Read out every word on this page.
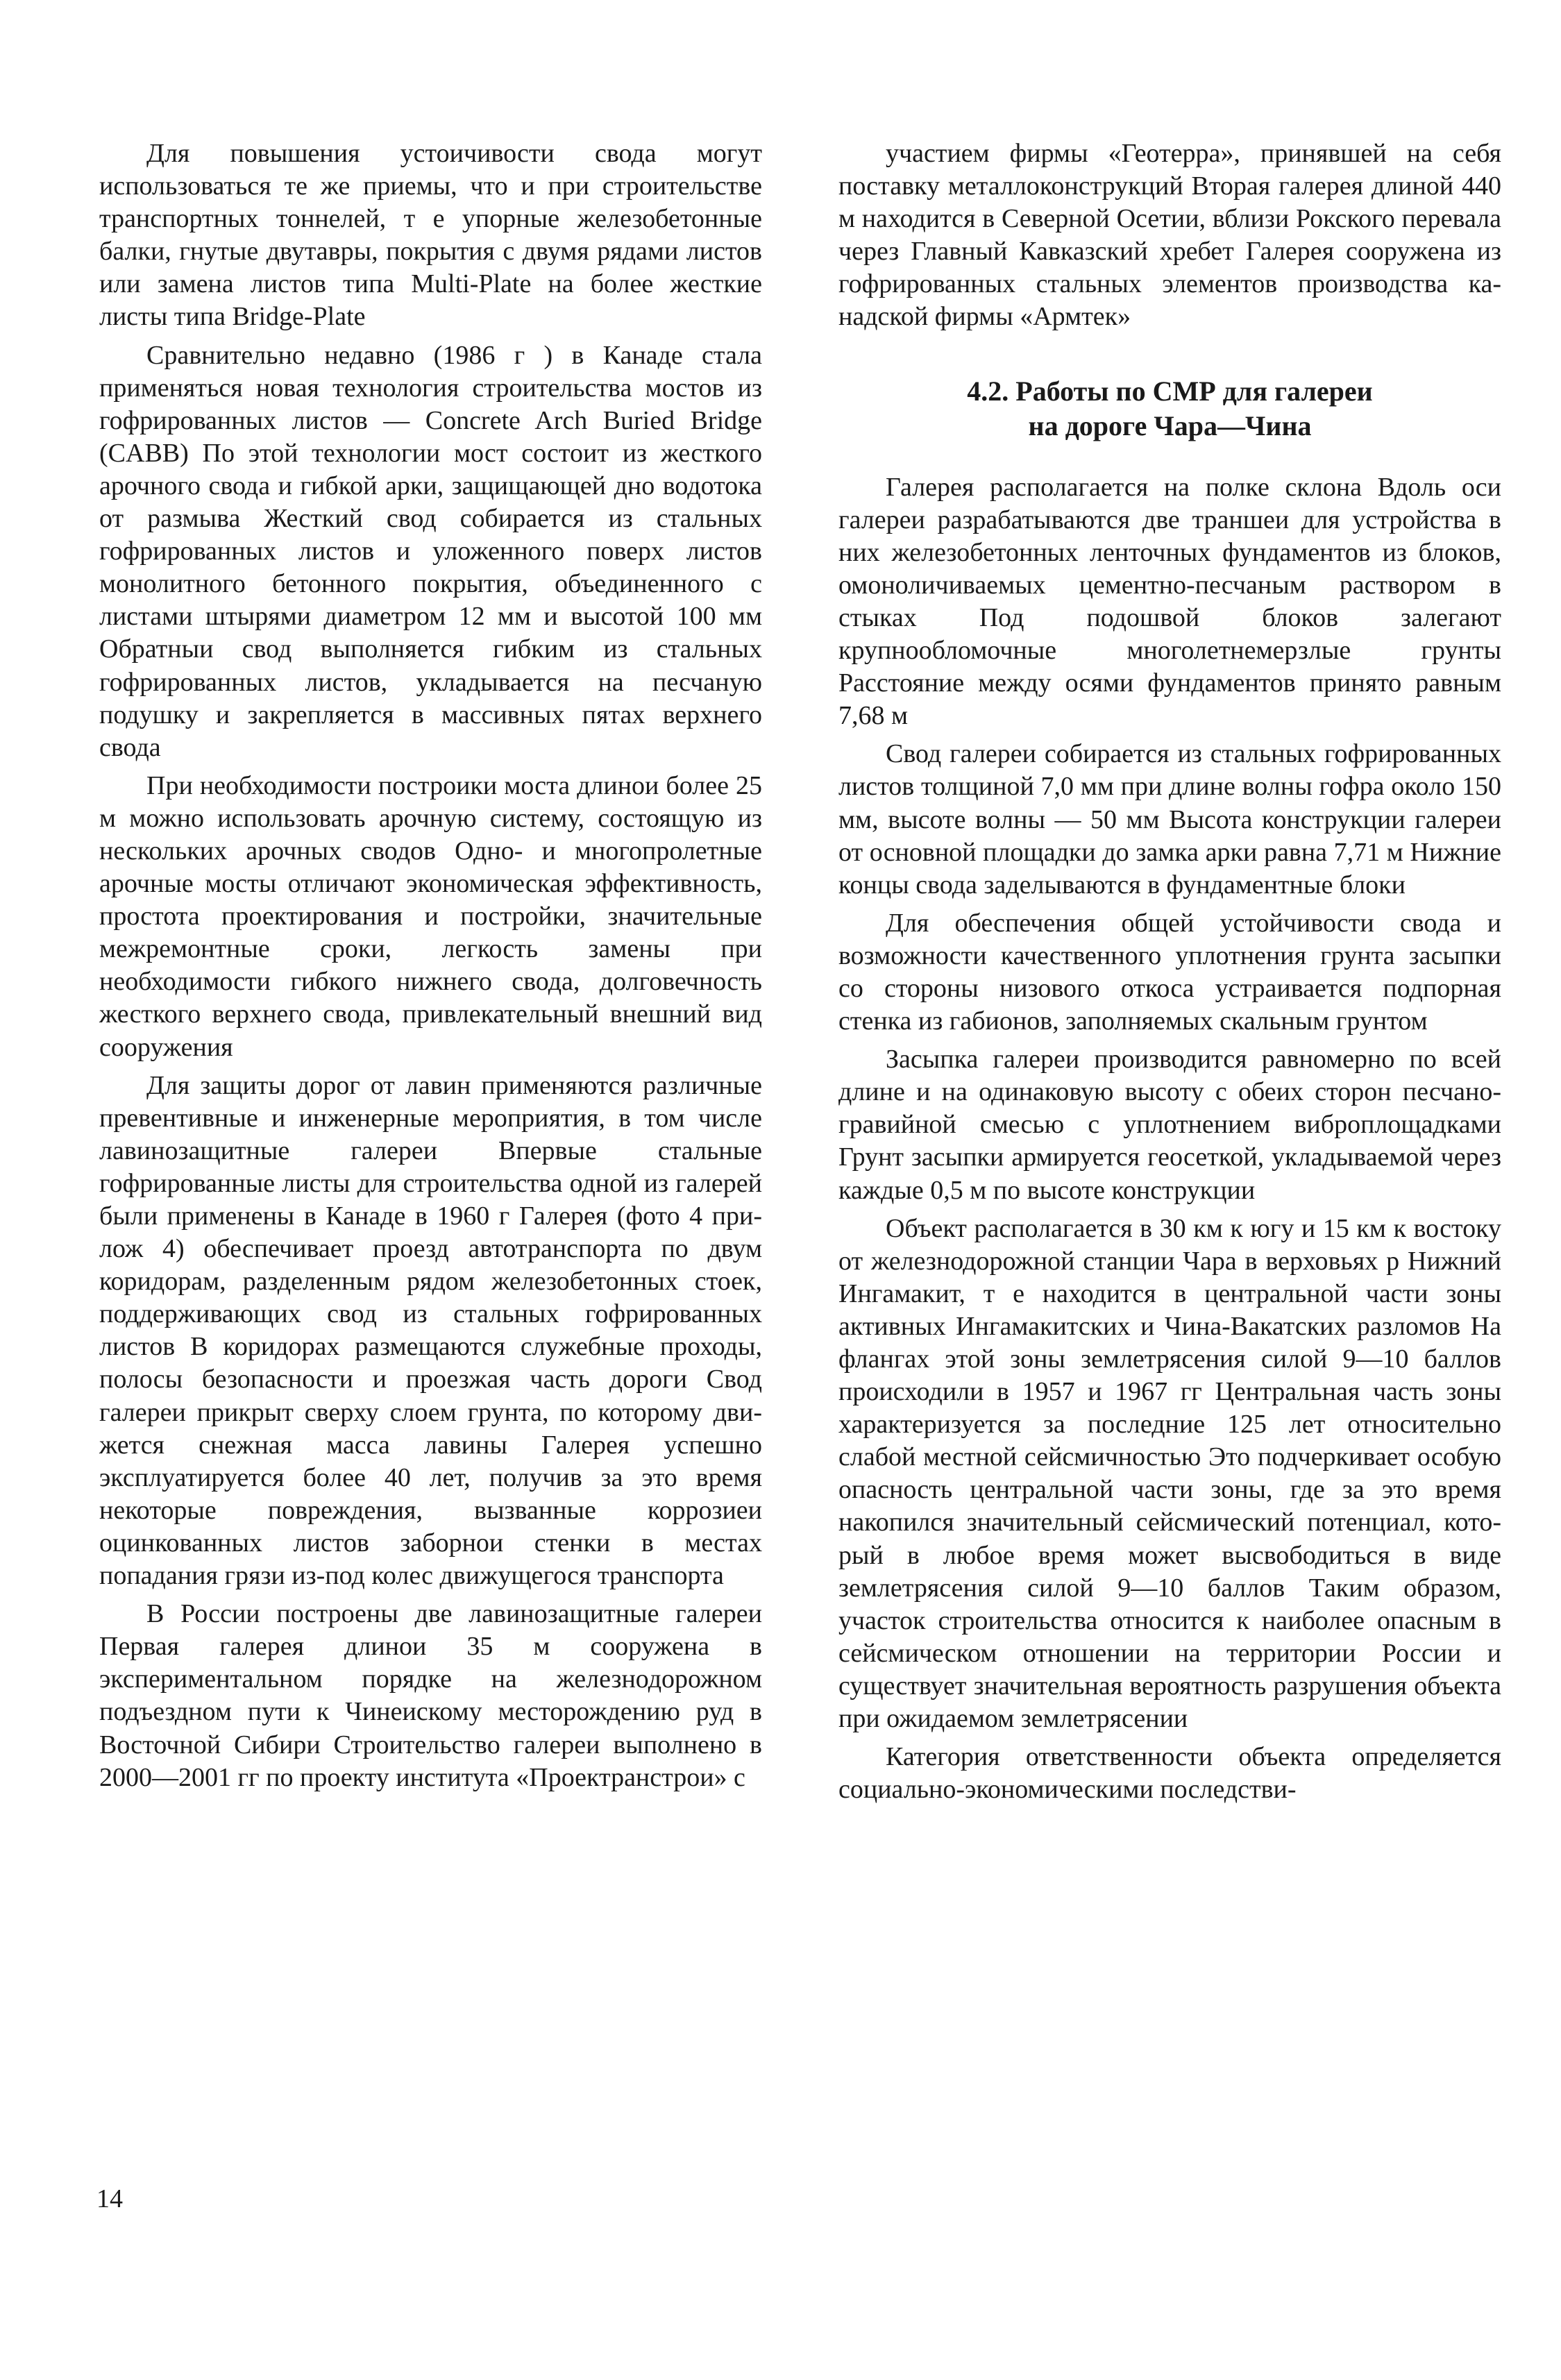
Для повышения устоичивости свода могут использоваться те же приемы, что и при строительстве транспортных тоннелей, т е упорные железобетонные балки, гнутые двутавры, покрытия с двумя рядами листов или замена листов типа Multi-Plate на более жесткие листы типа Bridge-Plate

Сравнительно недавно (1986 г ) в Канаде стала применяться новая технология строительства мостов из гофрированных листов — Concrete Arch Buried Bridge (CABB) По этой технологии мост состоит из жесткого арочного свода и гибкой арки, защищающей дно водотока от размыва Жесткий свод собирается из стальных гофрированных листов и уложенного поверх листов монолитного бетонного покрытия, объединенного с листами штырями диаметром 12 мм и высотой 100 мм Обратныи свод выполняется гибким из стальных гофрированных листов, укладывается на песчаную подушку и закрепляется в массивных пятах верхнего свода

При необходимости построики моста длинои более 25 м можно использовать арочную систему, состоящую из нескольких арочных сводов Одно- и многопролетные арочные мосты отличают экономическая эффективность, простота проектирования и постройки, значительные межремонтные сроки, легкость замены при необходимости гибкого нижнего свода, долговечность жесткого верхнего свода, привлекательный внешний вид сооружения

Для защиты дорог от лавин применяются различные превентивные и инженерные мероприятия, в том числе лавинозащитные галереи Впервые стальные гофрированные листы для строительства одной из галерей были применены в Канаде в 1960 г Галерея (фото 4 прилож 4) обеспечивает проезд автотранспорта по двум коридорам, разделенным рядом железобетонных стоек, поддерживающих свод из стальных гофрированных листов В коридорах размещаются служебные проходы, полосы безопасности и проезжая часть дороги Свод галереи прикрыт сверху слоем грунта, по которому движется снежная масса лавины Галерея успешно эксплуатируется более 40 лет, получив за это время некоторые повреждения, вызванные коррозиеи оцинкованных листов заборнои стенки в местах попадания грязи из-под колес движущегося транспорта

В России построены две лавинозащитные галереи Первая галерея длинои 35 м сооружена в экспериментальном порядке на железнодорожном подъездном пути к Чинеискому месторождению руд в Восточной Сибири Строительство галереи выполнено в 2000—2001 гг по проекту института «Проектранстрои» с

участием фирмы «Геотерра», принявшей на себя поставку металлоконструкций Вторая галерея длиной 440 м находится в Северной Осетии, вблизи Рокского перевала через Главный Кавказский хребет Галерея сооружена из гофрированных стальных элементов производства канадской фирмы «Армтек»

4.2. Работы по СМР для галереи
на дороге Чара—Чина

Галерея располагается на полке склона Вдоль оси галереи разрабатываются две траншеи для устройства в них железобетонных ленточных фундаментов из блоков, омоноличиваемых цементно-песчаным раствором в стыках Под подошвой блоков залегают крупнообломочные многолетнемерзлые грунты Расстояние между осями фундаментов принято равным 7,68 м

Свод галереи собирается из стальных гофрированных листов толщиной 7,0 мм при длине волны гофра около 150 мм, высоте волны — 50 мм Высота конструкции галереи от основной площадки до замка арки равна 7,71 м Нижние концы свода заделываются в фундаментные блоки

Для обеспечения общей устойчивости свода и возможности качественного уплотнения грунта засыпки со стороны низового откоса устраивается подпорная стенка из габионов, заполняемых скальным грунтом

Засыпка галереи производится равномерно по всей длине и на одинаковую высоту с обеих сторон песчано-гравийной смесью с уплотнением виброплощадками Грунт засыпки армируется геосеткой, укладываемой через каждые 0,5 м по высоте конструкции

Объект располагается в 30 км к югу и 15 км к востоку от железнодорожной станции Чара в верховьях р Нижний Ингамакит, т е находится в центральной части зоны активных Ингамакитских и Чина-Вакатских разломов На флангах этой зоны землетрясения силой 9—10 баллов происходили в 1957 и 1967 гг Центральная часть зоны характеризуется за последние 125 лет относительно слабой местной сейсмичностью Это подчеркивает особую опасность центральной части зоны, где за это время накопился значительный сейсмический потенциал, который в любое время может высвободиться в виде землетрясения силой 9—10 баллов Таким образом, участок строительства относится к наиболее опасным в сейсмическом отношении на территории России и существует значительная вероятность разрушения объекта при ожидаемом землетрясении

Категория ответственности объекта определяется социально-экономическими последстви-

14
